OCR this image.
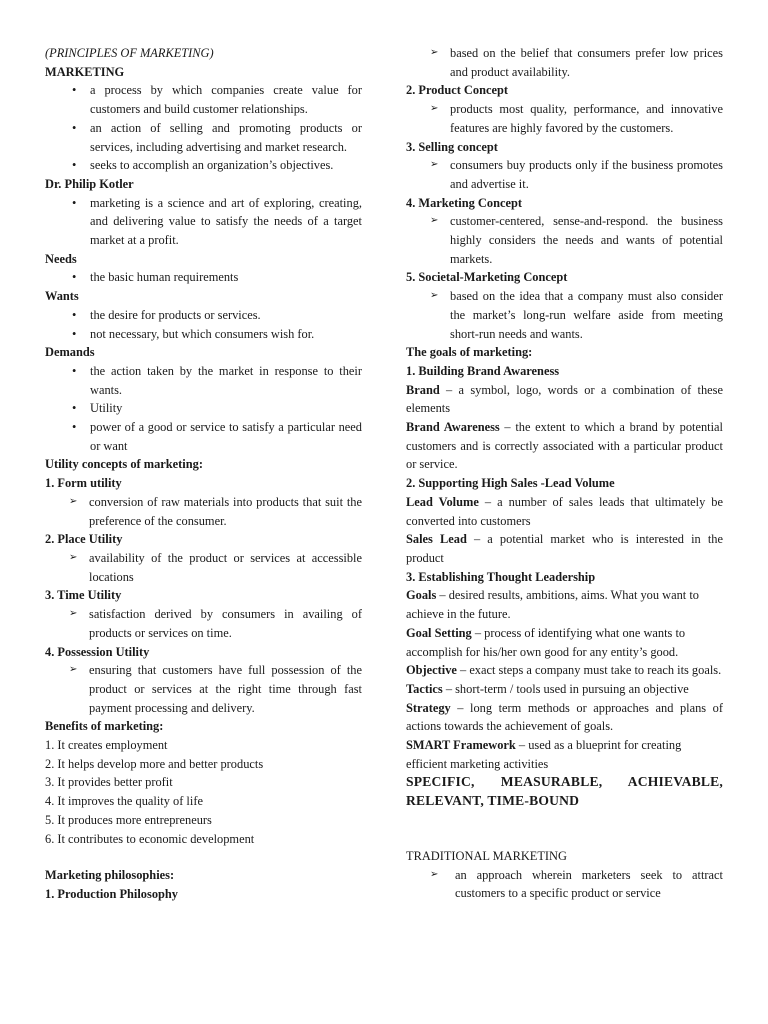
(PRINCIPLES OF MARKETING)
MARKETING
• a process by which companies create value for customers and build customer relationships.
• an action of selling and promoting products or services, including advertising and market research.
• seeks to accomplish an organization’s objectives.
Dr. Philip Kotler
• marketing is a science and art of exploring, creating, and delivering value to satisfy the needs of a target market at a profit.
Needs
• the basic human requirements
Wants
• the desire for products or services.
• not necessary, but which consumers wish for.
Demands
• the action taken by the market in response to their wants.
• Utility
• power of a good or service to satisfy a particular need or want
Utility concepts of marketing:
1. Form utility
➢ conversion of raw materials into products that suit the preference of the consumer.
2. Place Utility
➢ availability of the product or services at accessible locations
3. Time Utility
➢ satisfaction derived by consumers in availing of products or services on time.
4. Possession Utility
➢ ensuring that customers have full possession of the product or services at the right time through fast payment processing and delivery.
Benefits of marketing:
1. It creates employment
2. It helps develop more and better products
3. It provides better profit
4. It improves the quality of life
5. It produces more entrepreneurs
6. It contributes to economic development
Marketing philosophies:
1. Production Philosophy
➢ based on the belief that consumers prefer low prices and product availability.
2. Product Concept
➢ products most quality, performance, and innovative features are highly favored by the customers.
3. Selling concept
➢ consumers buy products only if the business promotes and advertise it.
4. Marketing Concept
➢ customer-centered, sense-and-respond. the business highly considers the needs and wants of potential markets.
5. Societal-Marketing Concept
➢ based on the idea that a company must also consider the market’s long-run welfare aside from meeting short-run needs and wants.
The goals of marketing:
1. Building Brand Awareness
Brand – a symbol, logo, words or a combination of these elements
Brand Awareness – the extent to which a brand by potential customers and is correctly associated with a particular product or service.
2. Supporting High Sales -Lead Volume
Lead Volume – a number of sales leads that ultimately be converted into customers
Sales Lead – a potential market who is interested in the product
3. Establishing Thought Leadership
Goals – desired results, ambitions, aims. What you want to achieve in the future.
Goal Setting – process of identifying what one wants to accomplish for his/her own good for any entity’s good.
Objective – exact steps a company must take to reach its goals.
Tactics – short-term / tools used in pursuing an objective
Strategy – long term methods or approaches and plans of actions towards the achievement of goals.
SMART Framework – used as a blueprint for creating efficient marketing activities
SPECIFIC, MEASURABLE, ACHIEVABLE, RELEVANT, TIME-BOUND
TRADITIONAL MARKETING
➢ an approach wherein marketers seek to attract customers to a specific product or service
